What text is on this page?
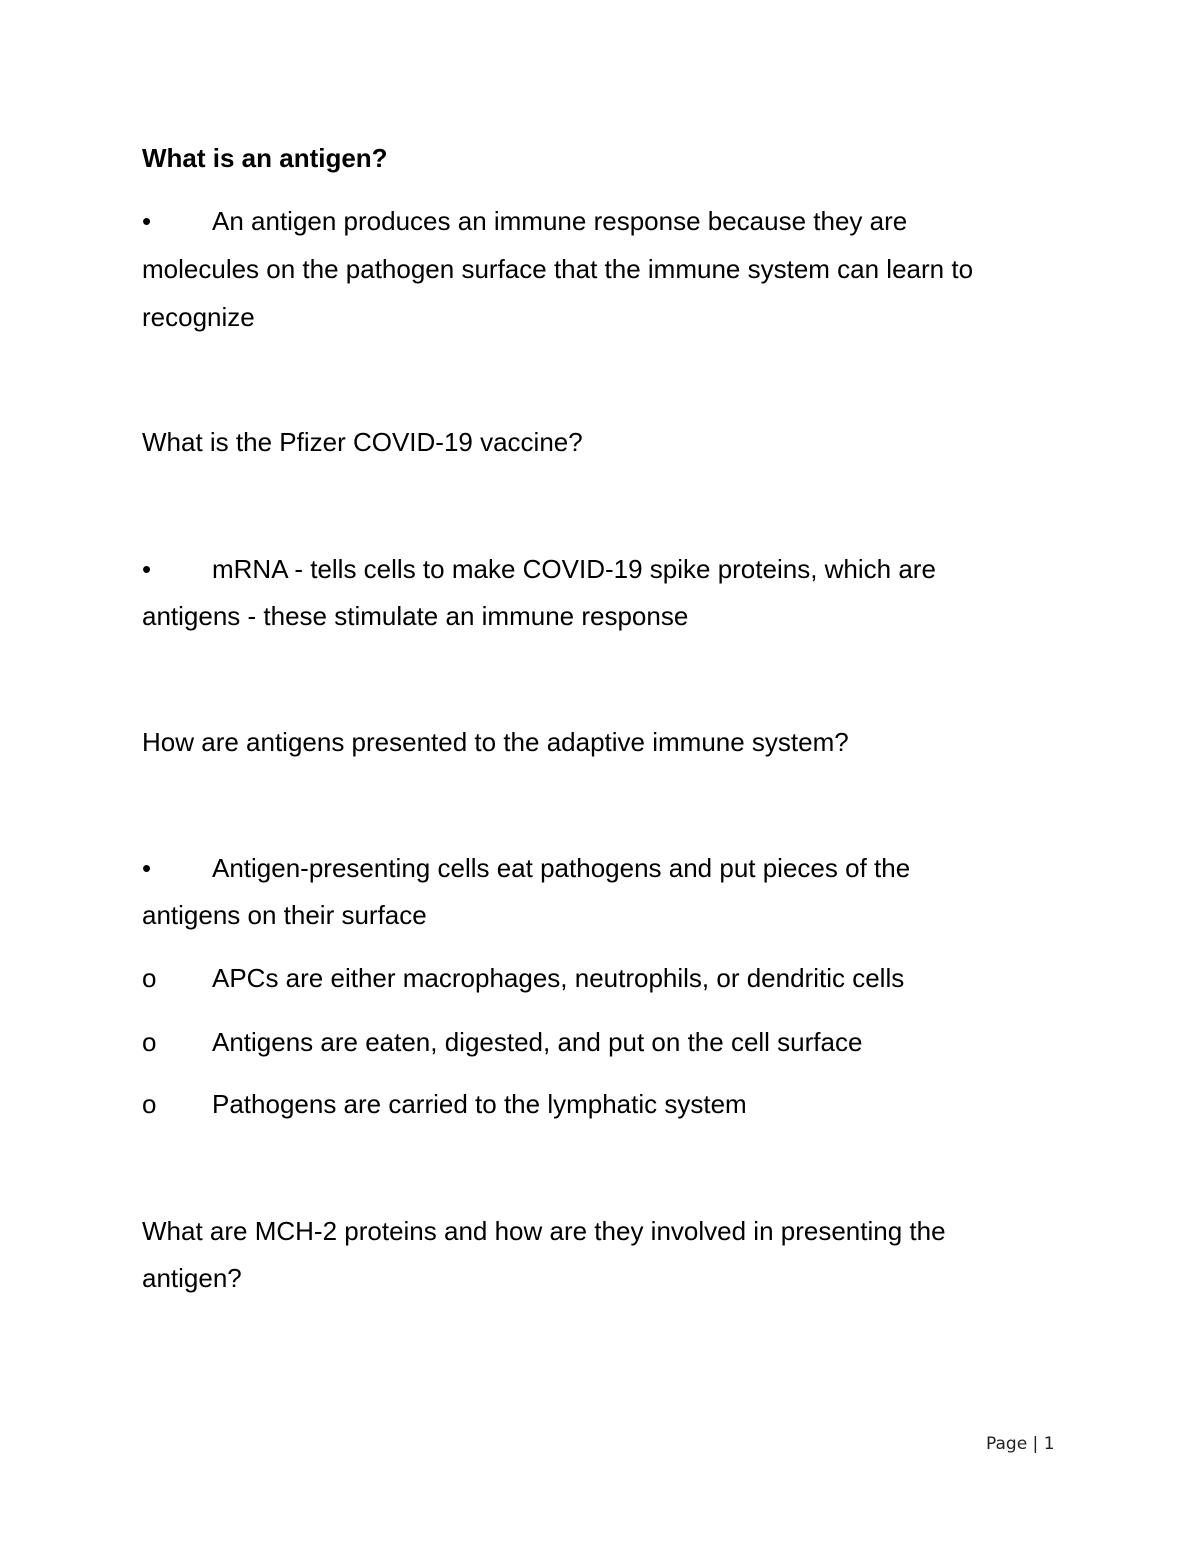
What is an antigen?
• An antigen produces an immune response because they are
molecules on the pathogen surface that the immune system can learn to
recognize
What is the Pfizer COVID-19 vaccine?
• mRNA - tells cells to make COVID-19 spike proteins, which are
antigens - these stimulate an immune response
How are antigens presented to the adaptive immune system?
• Antigen-presenting cells eat pathogens and put pieces of the
antigens on their surface
o APCs are either macrophages, neutrophils, or dendritic cells
o Antigens are eaten, digested, and put on the cell surface
o Pathogens are carried to the lymphatic system
What are MCH-2 proteins and how are they involved in presenting the
antigen?
Page | 1
